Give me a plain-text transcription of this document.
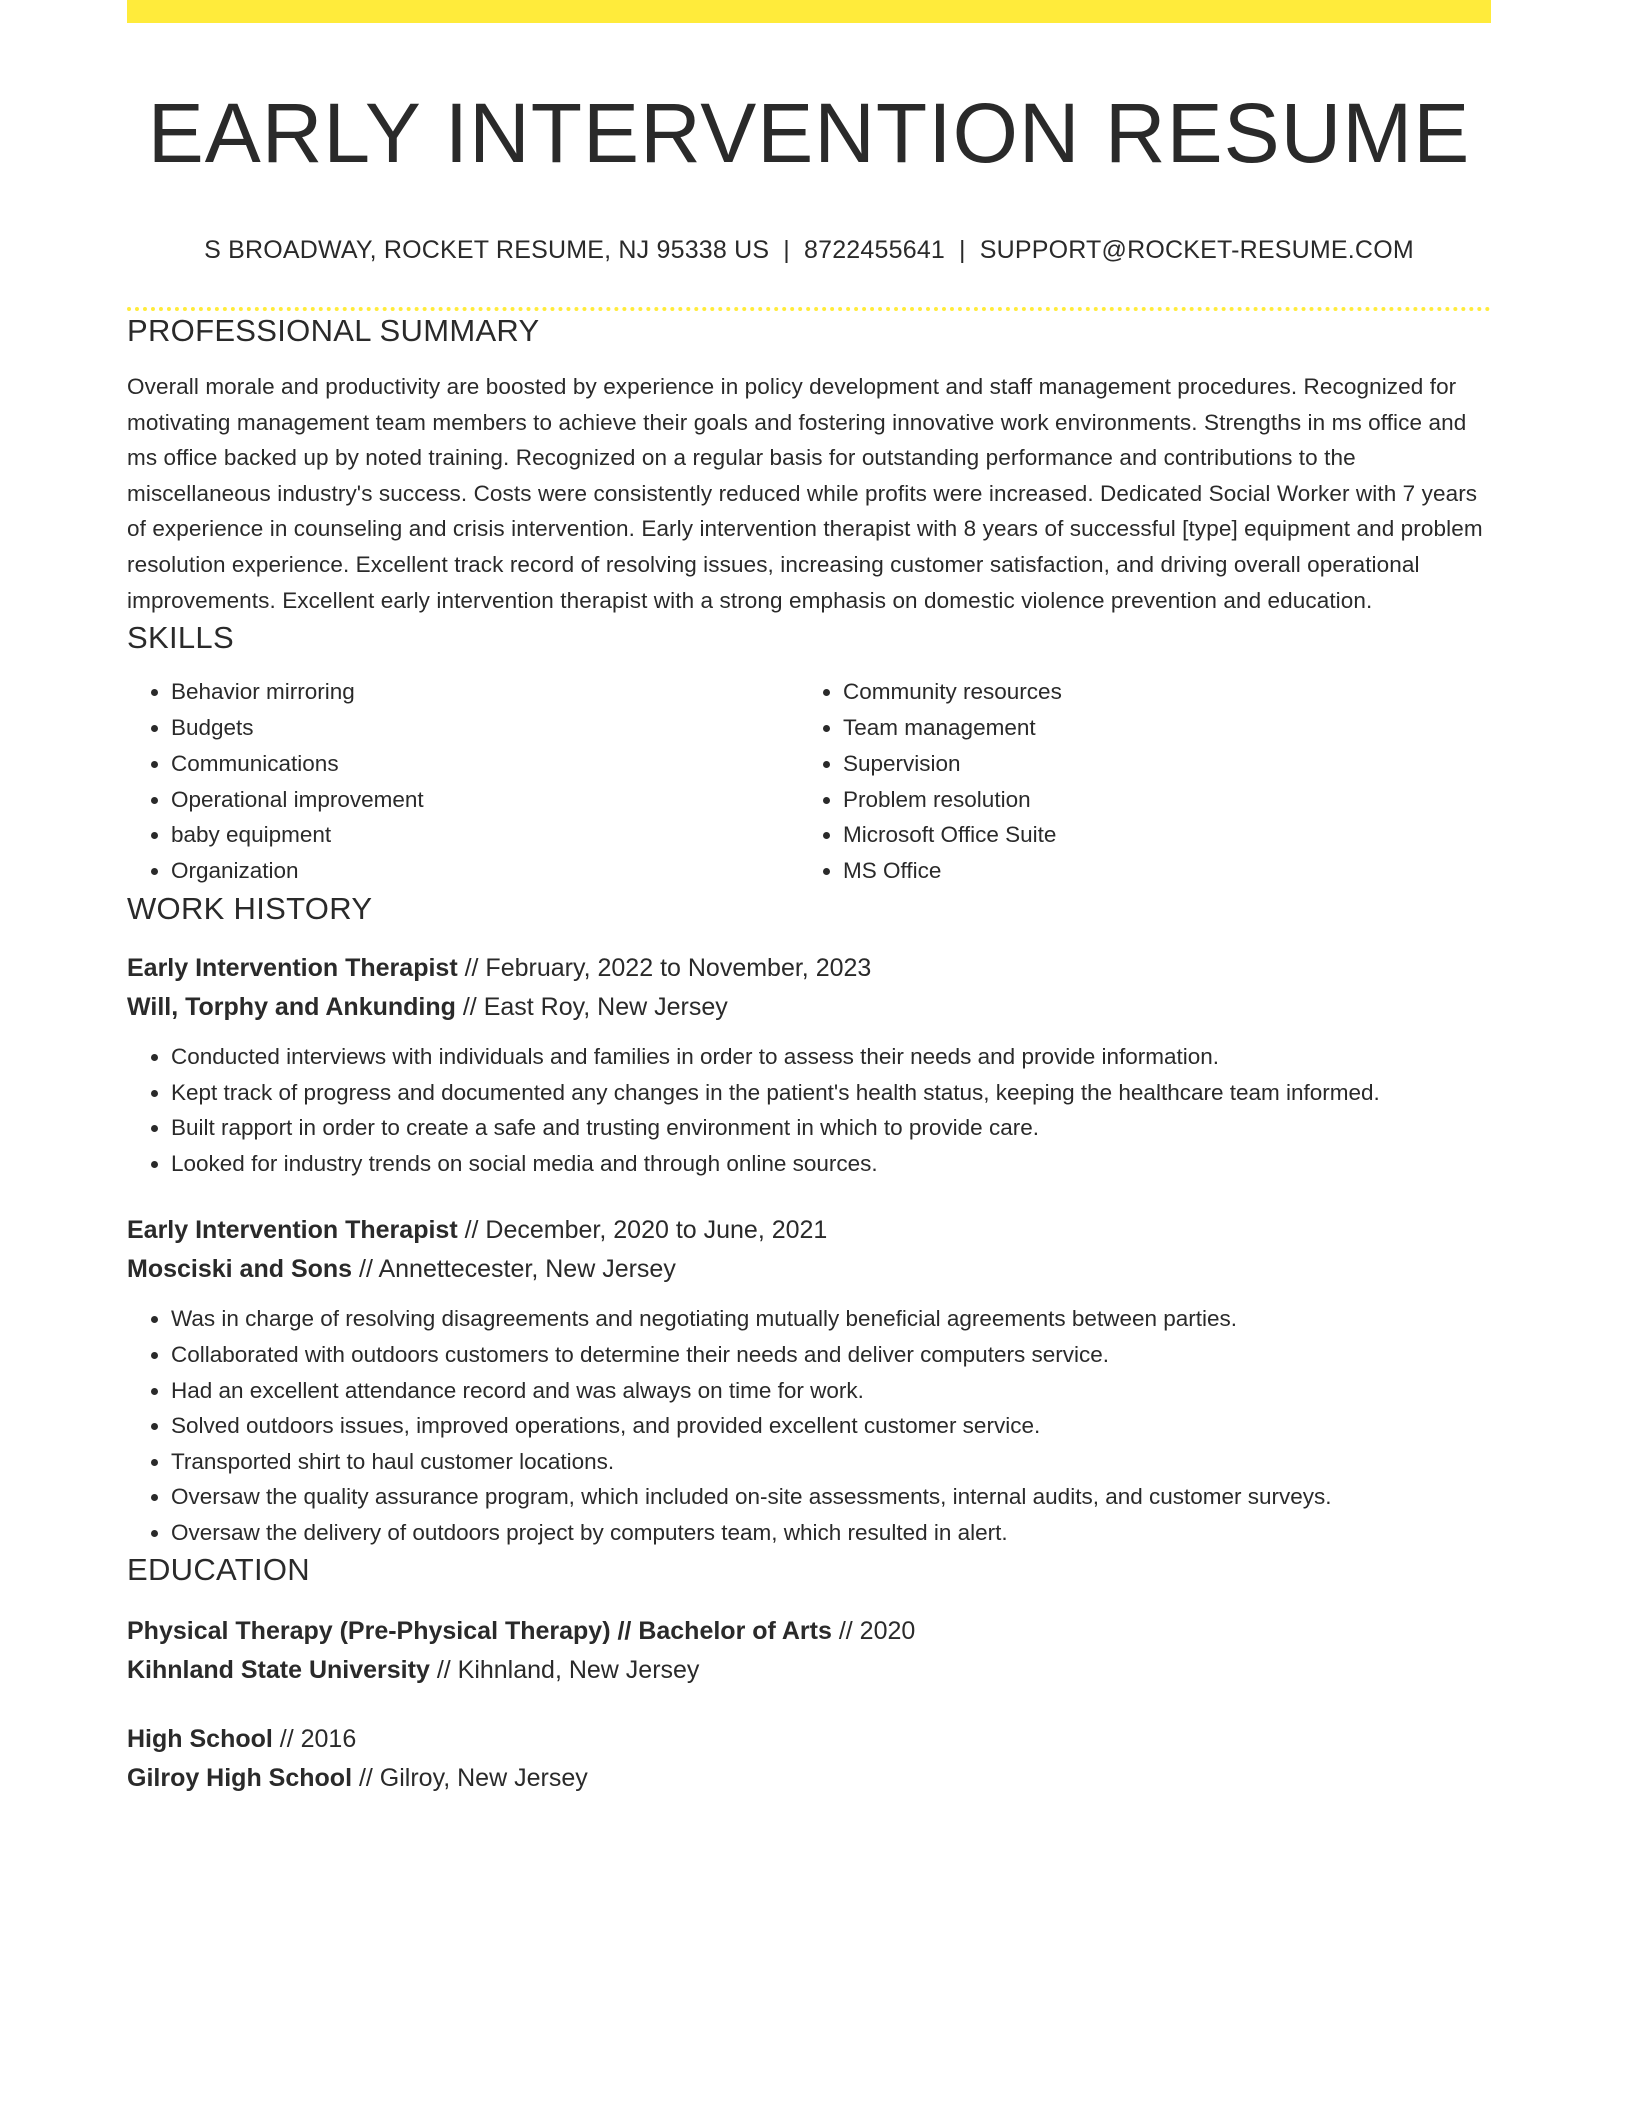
EARLY INTERVENTION RESUME
S BROADWAY, ROCKET RESUME, NJ 95338 US | 8722455641 | SUPPORT@ROCKET-RESUME.COM
PROFESSIONAL SUMMARY
Overall morale and productivity are boosted by experience in policy development and staff management procedures. Recognized for motivating management team members to achieve their goals and fostering innovative work environments. Strengths in ms office and ms office backed up by noted training. Recognized on a regular basis for outstanding performance and contributions to the miscellaneous industry's success. Costs were consistently reduced while profits were increased. Dedicated Social Worker with 7 years of experience in counseling and crisis intervention. Early intervention therapist with 8 years of successful [type] equipment and problem resolution experience. Excellent track record of resolving issues, increasing customer satisfaction, and driving overall operational improvements. Excellent early intervention therapist with a strong emphasis on domestic violence prevention and education.
SKILLS
• Behavior mirroring
• Budgets
• Communications
• Operational improvement
• baby equipment
• Organization
• Community resources
• Team management
• Supervision
• Problem resolution
• Microsoft Office Suite
• MS Office
WORK HISTORY
Early Intervention Therapist // February, 2022 to November, 2023
Will, Torphy and Ankunding // East Roy, New Jersey
• Conducted interviews with individuals and families in order to assess their needs and provide information.
• Kept track of progress and documented any changes in the patient's health status, keeping the healthcare team informed.
• Built rapport in order to create a safe and trusting environment in which to provide care.
• Looked for industry trends on social media and through online sources.
Early Intervention Therapist // December, 2020 to June, 2021
Mosciski and Sons // Annettecester, New Jersey
• Was in charge of resolving disagreements and negotiating mutually beneficial agreements between parties.
• Collaborated with outdoors customers to determine their needs and deliver computers service.
• Had an excellent attendance record and was always on time for work.
• Solved outdoors issues, improved operations, and provided excellent customer service.
• Transported shirt to haul customer locations.
• Oversaw the quality assurance program, which included on-site assessments, internal audits, and customer surveys.
• Oversaw the delivery of outdoors project by computers team, which resulted in alert.
EDUCATION
Physical Therapy (Pre-Physical Therapy) // Bachelor of Arts // 2020
Kihnland State University // Kihnland, New Jersey
High School // 2016
Gilroy High School // Gilroy, New Jersey
